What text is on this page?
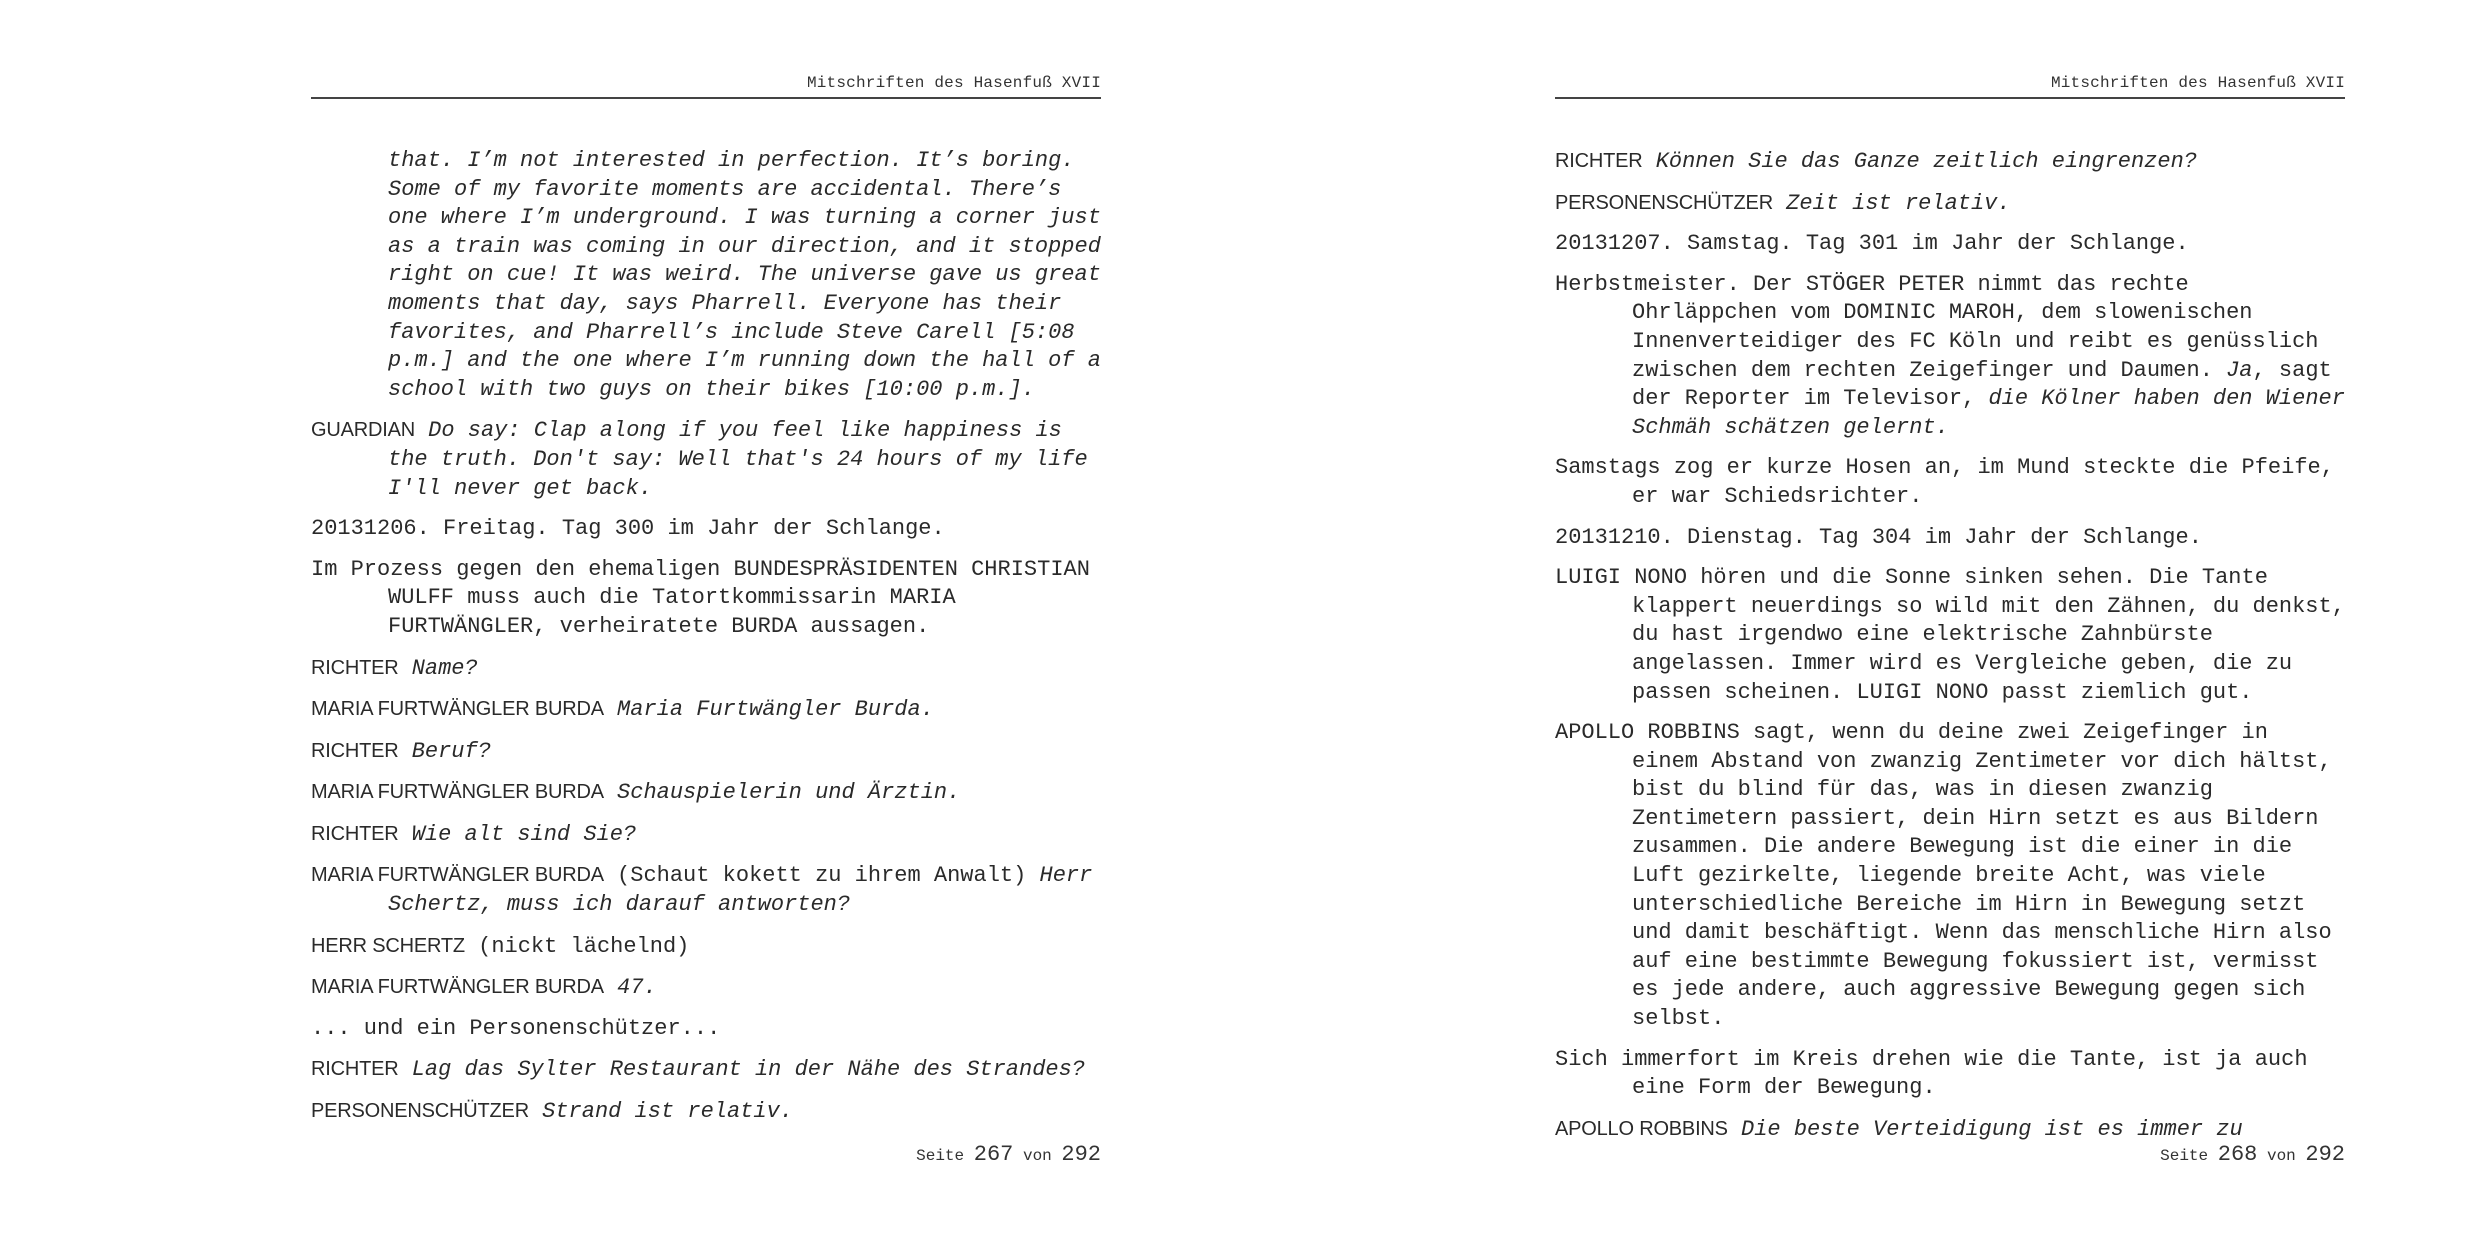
Mitschriften des Hasenfuß XVII

that. I’m not interested in perfection. It’s boring. Some of my favorite moments are accidental. There’s one where I’m underground. I was turning a corner just as a train was coming in our direction, and it stopped right on cue! It was weird. The universe gave us great moments that day, says Pharrell. Everyone has their favorites, and Pharrell’s include Steve Carell [5:08 p.m.] and the one where I’m running down the hall of a school with two guys on their bikes [10:00 p.m.].

GUARDIAN Do say: Clap along if you feel like happiness is the truth. Don't say: Well that's 24 hours of my life I'll never get back.

20131206. Freitag. Tag 300 im Jahr der Schlange.

Im Prozess gegen den ehemaligen BUNDESPRÄSIDENTEN CHRISTIAN WULFF muss auch die Tatortkommissarin MARIA FURTWÄNGLER, verheiratete BURDA aussagen.

RICHTER Name?

MARIA FURTWÄNGLER BURDA Maria Furtwängler Burda.

RICHTER Beruf?

MARIA FURTWÄNGLER BURDA Schauspielerin und Ärztin.

RICHTER Wie alt sind Sie?

MARIA FURTWÄNGLER BURDA (Schaut kokett zu ihrem Anwalt) Herr Schertz, muss ich darauf antworten?

HERR SCHERTZ (nickt lächelnd)

MARIA FURTWÄNGLER BURDA 47.

... und ein Personenschützer...

RICHTER Lag das Sylter Restaurant in der Nähe des Strandes?

PERSONENSCHÜTZER Strand ist relativ.

Seite 267 von 292
Mitschriften des Hasenfuß XVII

RICHTER Können Sie das Ganze zeitlich eingrenzen?

PERSONENSCHÜTZER Zeit ist relativ.

20131207. Samstag. Tag 301 im Jahr der Schlange.

Herbstmeister. Der STÖGER PETER nimmt das rechte Ohrläppchen vom DOMINIC MAROH, dem slowenischen Innenverteidiger des FC Köln und reibt es genüsslich zwischen dem rechten Zeigefinger und Daumen. Ja, sagt der Reporter im Televisor, die Kölner haben den Wiener Schmäh schätzen gelernt.

Samstags zog er kurze Hosen an, im Mund steckte die Pfeife, er war Schiedsrichter.

20131210. Dienstag. Tag 304 im Jahr der Schlange.

LUIGI NONO hören und die Sonne sinken sehen. Die Tante klappert neuerdings so wild mit den Zähnen, du denkst, du hast irgendwo eine elektrische Zahnbürste angelassen. Immer wird es Vergleiche geben, die zu passen scheinen. LUIGI NONO passt ziemlich gut.

APOLLO ROBBINS sagt, wenn du deine zwei Zeigefinger in einem Abstand von zwanzig Zentimeter vor dich hältst, bist du blind für das, was in diesen zwanzig Zentimetern passiert, dein Hirn setzt es aus Bildern zusammen. Die andere Bewegung ist die einer in die Luft gezirkelte, liegende breite Acht, was viele unterschiedliche Bereiche im Hirn in Bewegung setzt und damit beschäftigt. Wenn das menschliche Hirn also auf eine bestimmte Bewegung fokussiert ist, vermisst es jede andere, auch aggressive Bewegung gegen sich selbst.

Sich immerfort im Kreis drehen wie die Tante, ist ja auch eine Form der Bewegung.

APOLLO ROBBINS Die beste Verteidigung ist es immer zu

Seite 268 von 292
